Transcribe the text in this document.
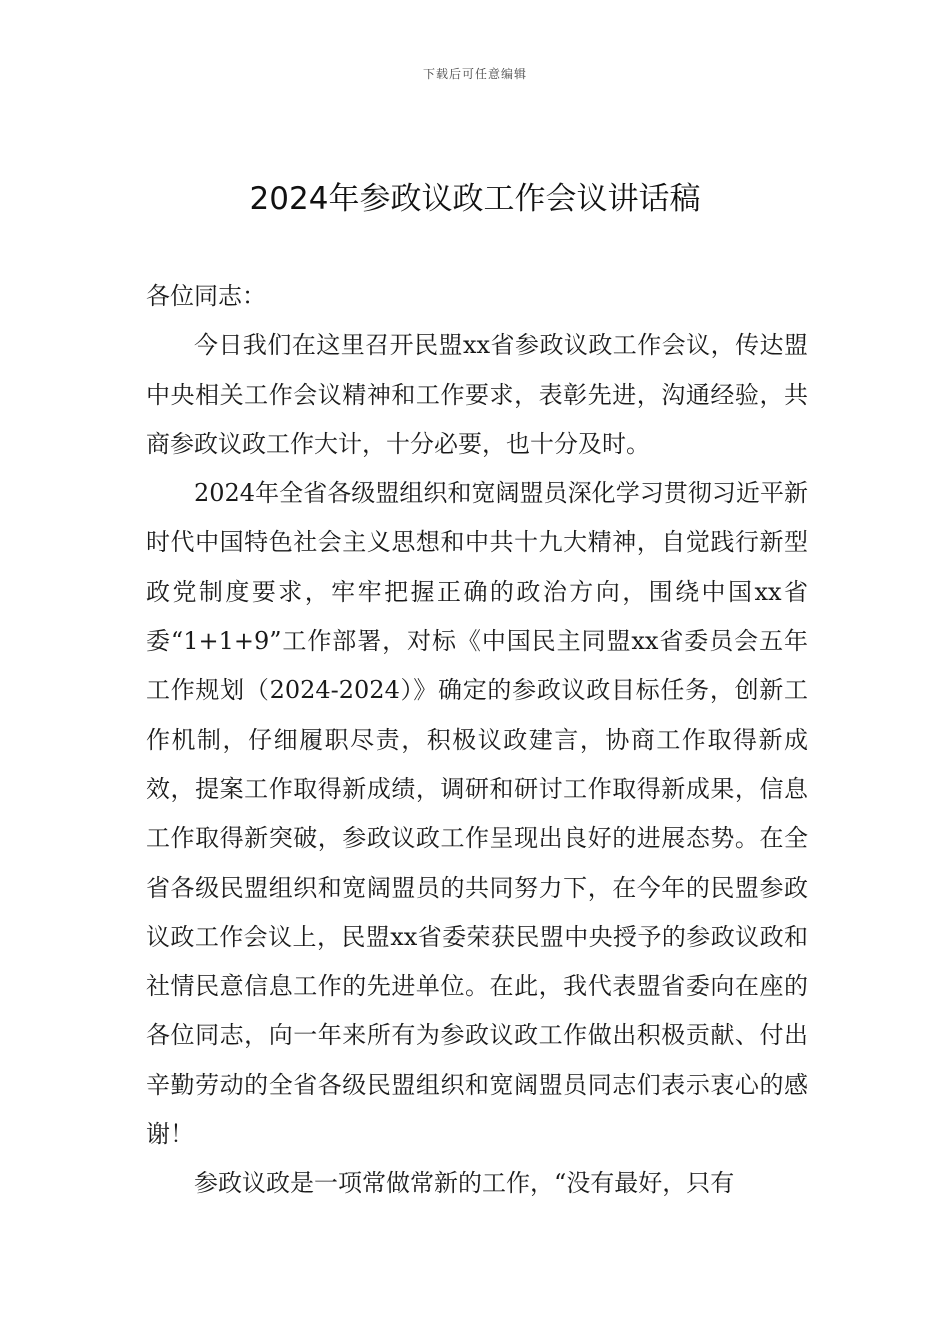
下载后可任意编辑
2024年参政议政工作会议讲话稿

各位同志：

今日我们在这里召开民盟xx省参政议政工作会议，传达盟中央相关工作会议精神和工作要求，表彰先进，沟通经验，共商参政议政工作大计，十分必要，也十分及时。

2024年全省各级盟组织和宽阔盟员深化学习贯彻习近平新时代中国特色社会主义思想和中共十九大精神，自觉践行新型政党制度要求，牢牢把握正确的政治方向，围绕中国xx省委“1+1+9”工作部署，对标《中国民主同盟xx省委员会五年工作规划（2024-2024）》确定的参政议政目标任务，创新工作机制，仔细履职尽责，积极议政建言，协商工作取得新成效，提案工作取得新成绩，调研和研讨工作取得新成果，信息工作取得新突破，参政议政工作呈现出良好的进展态势。在全省各级民盟组织和宽阔盟员的共同努力下，在今年的民盟参政议政工作会议上，民盟xx省委荣获民盟中央授予的参政议政和社情民意信息工作的先进单位。在此，我代表盟省委向在座的各位同志，向一年来所有为参政议政工作做出积极贡献、付出辛勤劳动的全省各级民盟组织和宽阔盟员同志们表示衷心的感谢！

参政议政是一项常做常新的工作，“没有最好，只有
